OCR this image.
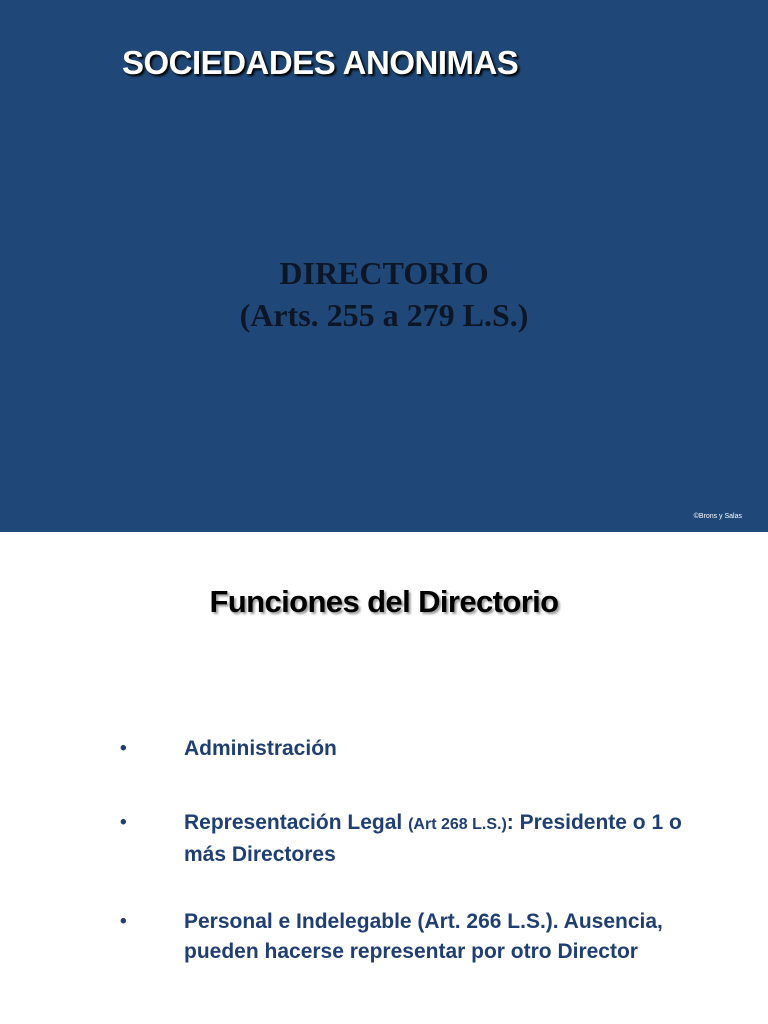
SOCIEDADES ANONIMAS
DIRECTORIO
(Arts. 255 a 279 L.S.)
©Brons y Salas
Funciones del Directorio
•	Administración
•	Representación Legal (Art 268 L.S.): Presidente o 1 o más Directores
•	Personal e Indelegable (Art. 266 L.S.). Ausencia, pueden hacerse representar por otro Director
